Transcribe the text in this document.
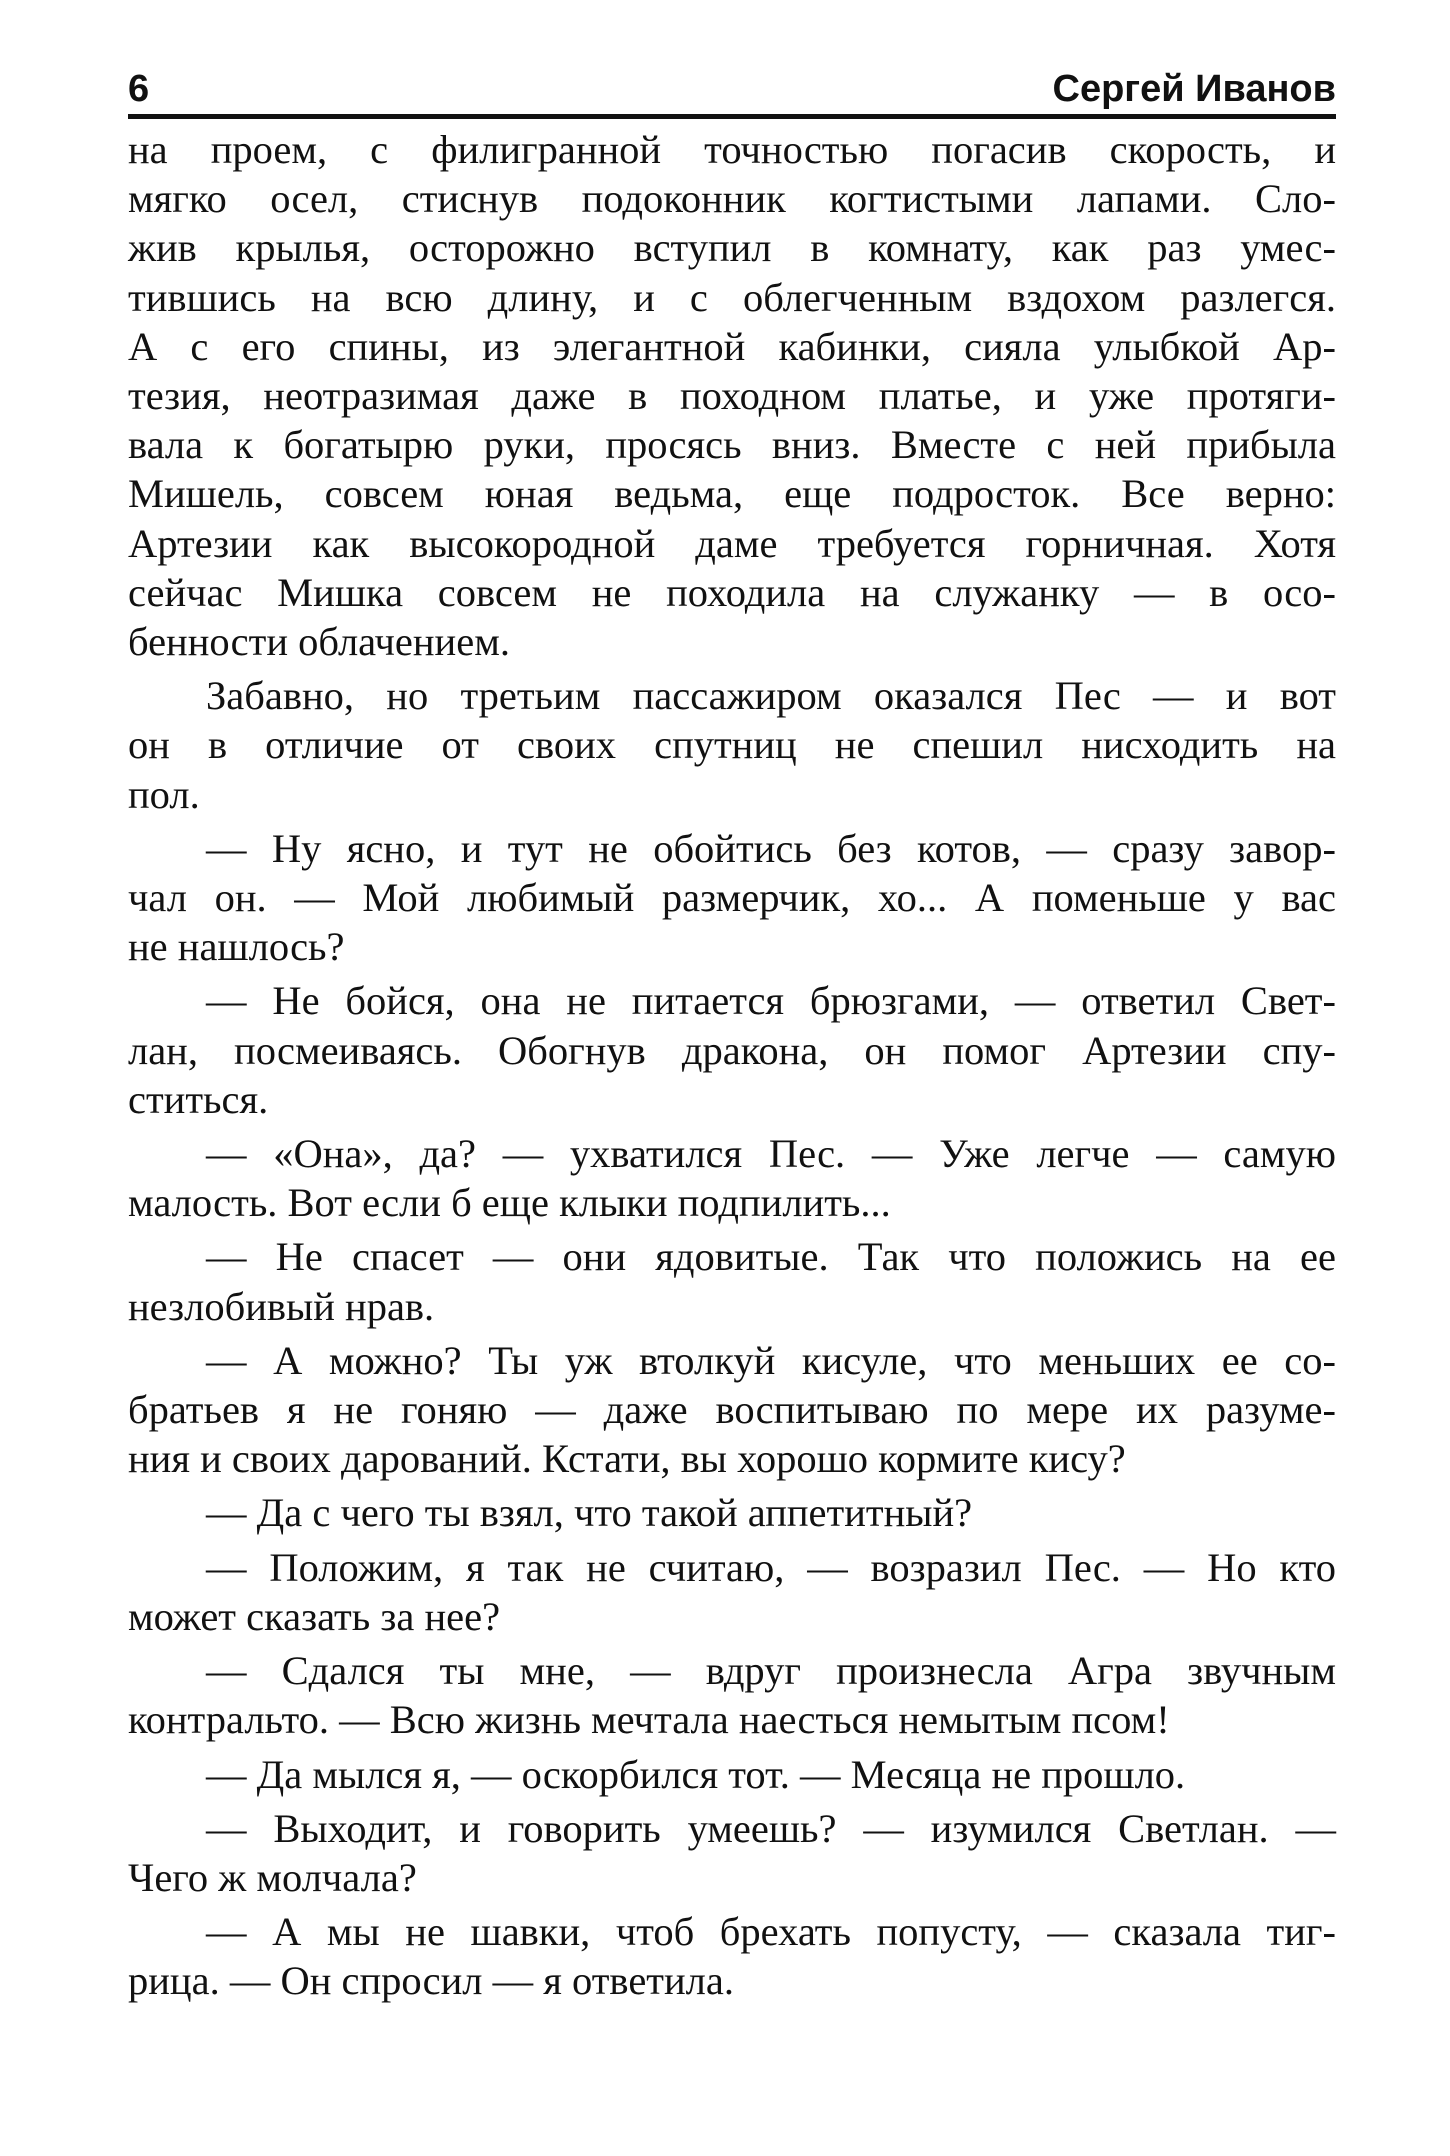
6	Сергей Иванов
на проем, с филигранной точностью погасив скорость, и
мягко осел, стиснув подоконник когтистыми лапами. Сло-
жив крылья, осторожно вступил в комнату, как раз умес-
тившись на всю длину, и с облегченным вздохом разлегся.
А с его спины, из элегантной кабинки, сияла улыбкой Ар-
тезия, неотразимая даже в походном платье, и уже протяги-
вала к богатырю руки, просясь вниз. Вместе с ней прибыла
Мишель, совсем юная ведьма, еще подросток. Все верно:
Артезии как высокородной даме требуется горничная. Хотя
сейчас Мишка совсем не походила на служанку — в осо-
бенности облачением.
Забавно, но третьим пассажиром оказался Пес — и вот
он в отличие от своих спутниц не спешил нисходить на
пол.
— Ну ясно, и тут не обойтись без котов, — сразу завор-
чал он. — Мой любимый размерчик, хо... А поменьше у вас
не нашлось?
— Не бойся, она не питается брюзгами, — ответил Свет-
лан, посмеиваясь. Обогнув дракона, он помог Артезии спу-
ститься.
— «Она», да? — ухватился Пес. — Уже легче — самую
малость. Вот если б еще клыки подпилить...
— Не спасет — они ядовитые. Так что положись на ее
незлобивый нрав.
— А можно? Ты уж втолкуй кисуле, что меньших ее со-
братьев я не гоняю — даже воспитываю по мере их разуме-
ния и своих дарований. Кстати, вы хорошо кормите кису?
— Да с чего ты взял, что такой аппетитный?
— Положим, я так не считаю, — возразил Пес. — Но кто
может сказать за нее?
— Сдался ты мне, — вдруг произнесла Агра звучным
контральто. — Всю жизнь мечтала наесться немытым псом!
— Да мылся я, — оскорбился тот. — Месяца не прошло.
— Выходит, и говорить умеешь? — изумился Светлан. —
Чего ж молчала?
— А мы не шавки, чтоб брехать попусту, — сказала тиг-
рица. — Он спросил — я ответила.
